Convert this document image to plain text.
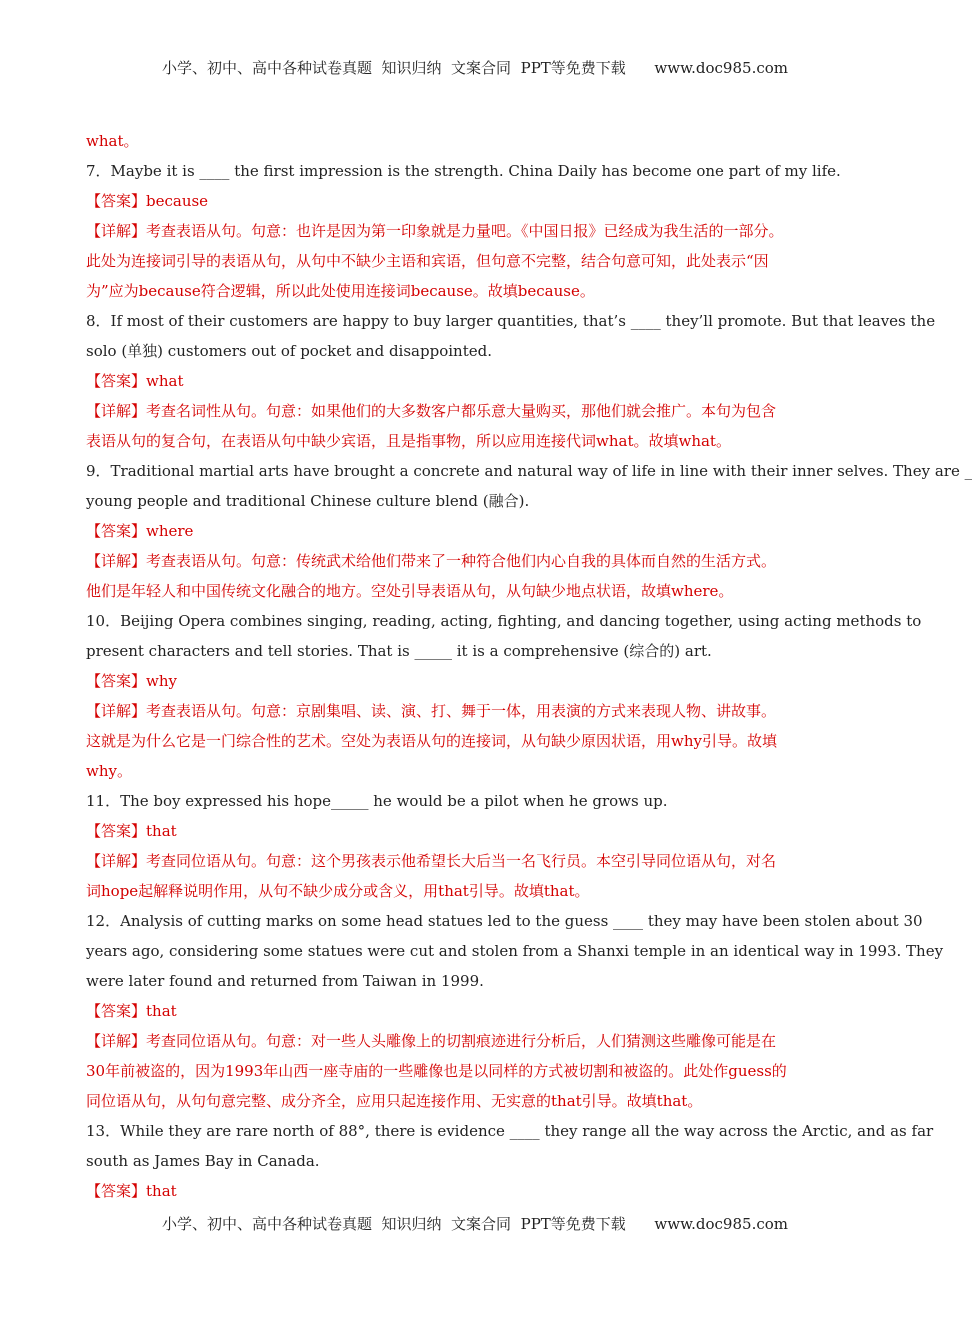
小学、初中、高中各种试卷真题  知识归纳  文案合同  PPT等免费下载      www.doc985.com
what。
7．Maybe it is ____ the first impression is the strength. China Daily has become one part of my life.
【答案】because
【详解】考查表语从句。句意：也许是因为第一印象就是力量吧。《中国日报》已经成为我生活的一部分。
此处为连接词引导的表语从句，从句中不缺少主语和宾语，但句意不完整，结合句意可知，此处表示“因
为”应为because符合逻辑，所以此处使用连接词because。故填because。
8．If most of their customers are happy to buy larger quantities, that’s ____ they’ll promote. But that leaves the
solo (单独) customers out of pocket and disappointed.
【答案】what
【详解】考查名词性从句。句意：如果他们的大多数客户都乐意大量购买，那他们就会推广。本句为包含
表语从句的复合句，在表语从句中缺少宾语，且是指事物，所以应用连接代词what。故填what。
9．Traditional martial arts have brought a concrete and natural way of life in line with their inner selves. They are _
young people and traditional Chinese culture blend (融合).
【答案】where
【详解】考查表语从句。句意：传统武术给他们带来了一种符合他们内心自我的具体而自然的生活方式。
他们是年轻人和中国传统文化融合的地方。空处引导表语从句，从句缺少地点状语，故填where。
10．Beijing Opera combines singing, reading, acting, fighting, and dancing together, using acting methods to
present characters and tell stories. That is _____ it is a comprehensive (综合的) art.
【答案】why
【详解】考查表语从句。句意：京剧集唱、读、演、打、舞于一体，用表演的方式来表现人物、讲故事。
这就是为什么它是一门综合性的艺术。空处为表语从句的连接词，从句缺少原因状语，用why引导。故填
why。
11．The boy expressed his hope_____ he would be a pilot when he grows up.
【答案】that
【详解】考查同位语从句。句意：这个男孩表示他希望长大后当一名飞行员。本空引导同位语从句，对名
词hope起解释说明作用，从句不缺少成分或含义，用that引导。故填that。
12．Analysis of cutting marks on some head statues led to the guess ____ they may have been stolen about 30
years ago, considering some statues were cut and stolen from a Shanxi temple in an identical way in 1993. They
were later found and returned from Taiwan in 1999.
【答案】that
【详解】考查同位语从句。句意：对一些人头雕像上的切割痕迹进行分析后，人们猜测这些雕像可能是在
30年前被盗的，因为1993年山西一座寺庙的一些雕像也是以同样的方式被切割和被盗的。此处作guess的
同位语从句，从句句意完整、成分齐全，应用只起连接作用、无实意的that引导。故填that。
13．While they are rare north of 88°, there is evidence ____ they range all the way across the Arctic, and as far
south as James Bay in Canada.
【答案】that
小学、初中、高中各种试卷真题  知识归纳  文案合同  PPT等免费下载      www.doc985.com
